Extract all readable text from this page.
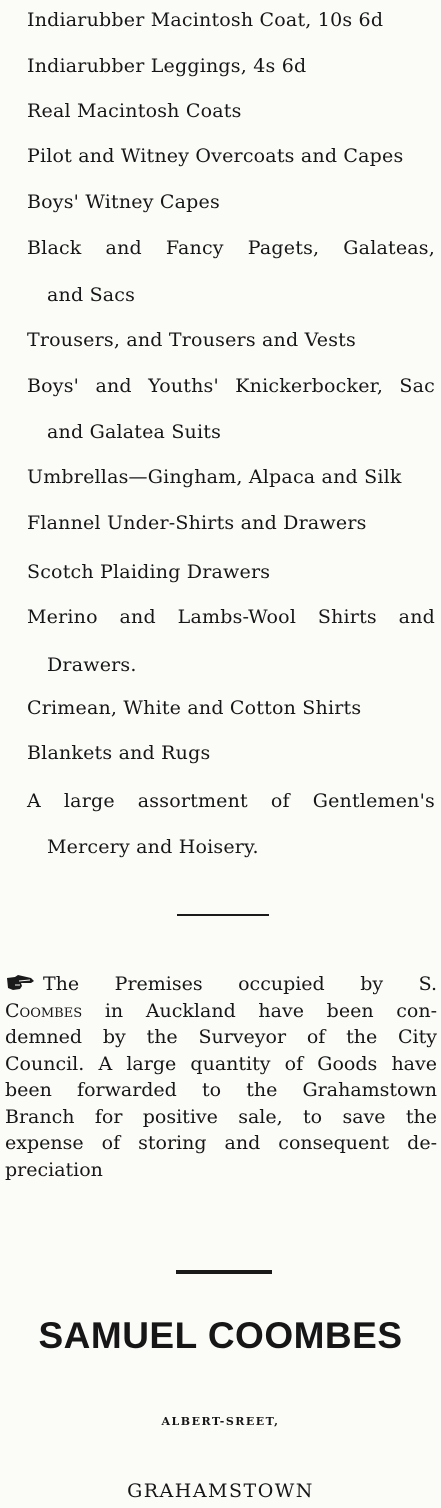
Indiarubber Macintosh Coat, 10s 6d
Indiarubber Leggings, 4s 6d
Real Macintosh Coats
Pilot and Witney Overcoats and Capes
Boys' Witney Capes
Black and Fancy Pagets, Galateas,
and Sacs
Trousers, and Trousers and Vests
Boys' and Youths' Knickerbocker, Sac
and Galatea Suits
Umbrellas—Gingham, Alpaca and Silk
Flannel Under-Shirts and Drawers
Scotch Plaiding Drawers
Merino and Lambs-Wool Shirts and
Drawers.
Crimean, White and Cotton Shirts
Blankets and Rugs
A large assortment of Gentlemen's
Mercery and Hoisery.
The Premises occupied by S.
Coombes in Auckland have been con-
demned by the Surveyor of the City
Council. A large quantity of Goods have
been forwarded to the Grahamstown
Branch for positive sale, to save the
expense of storing and consequent de-
preciation
SAMUEL COOMBES
ALBERT-SREET,
GRAHAMSTOWN
